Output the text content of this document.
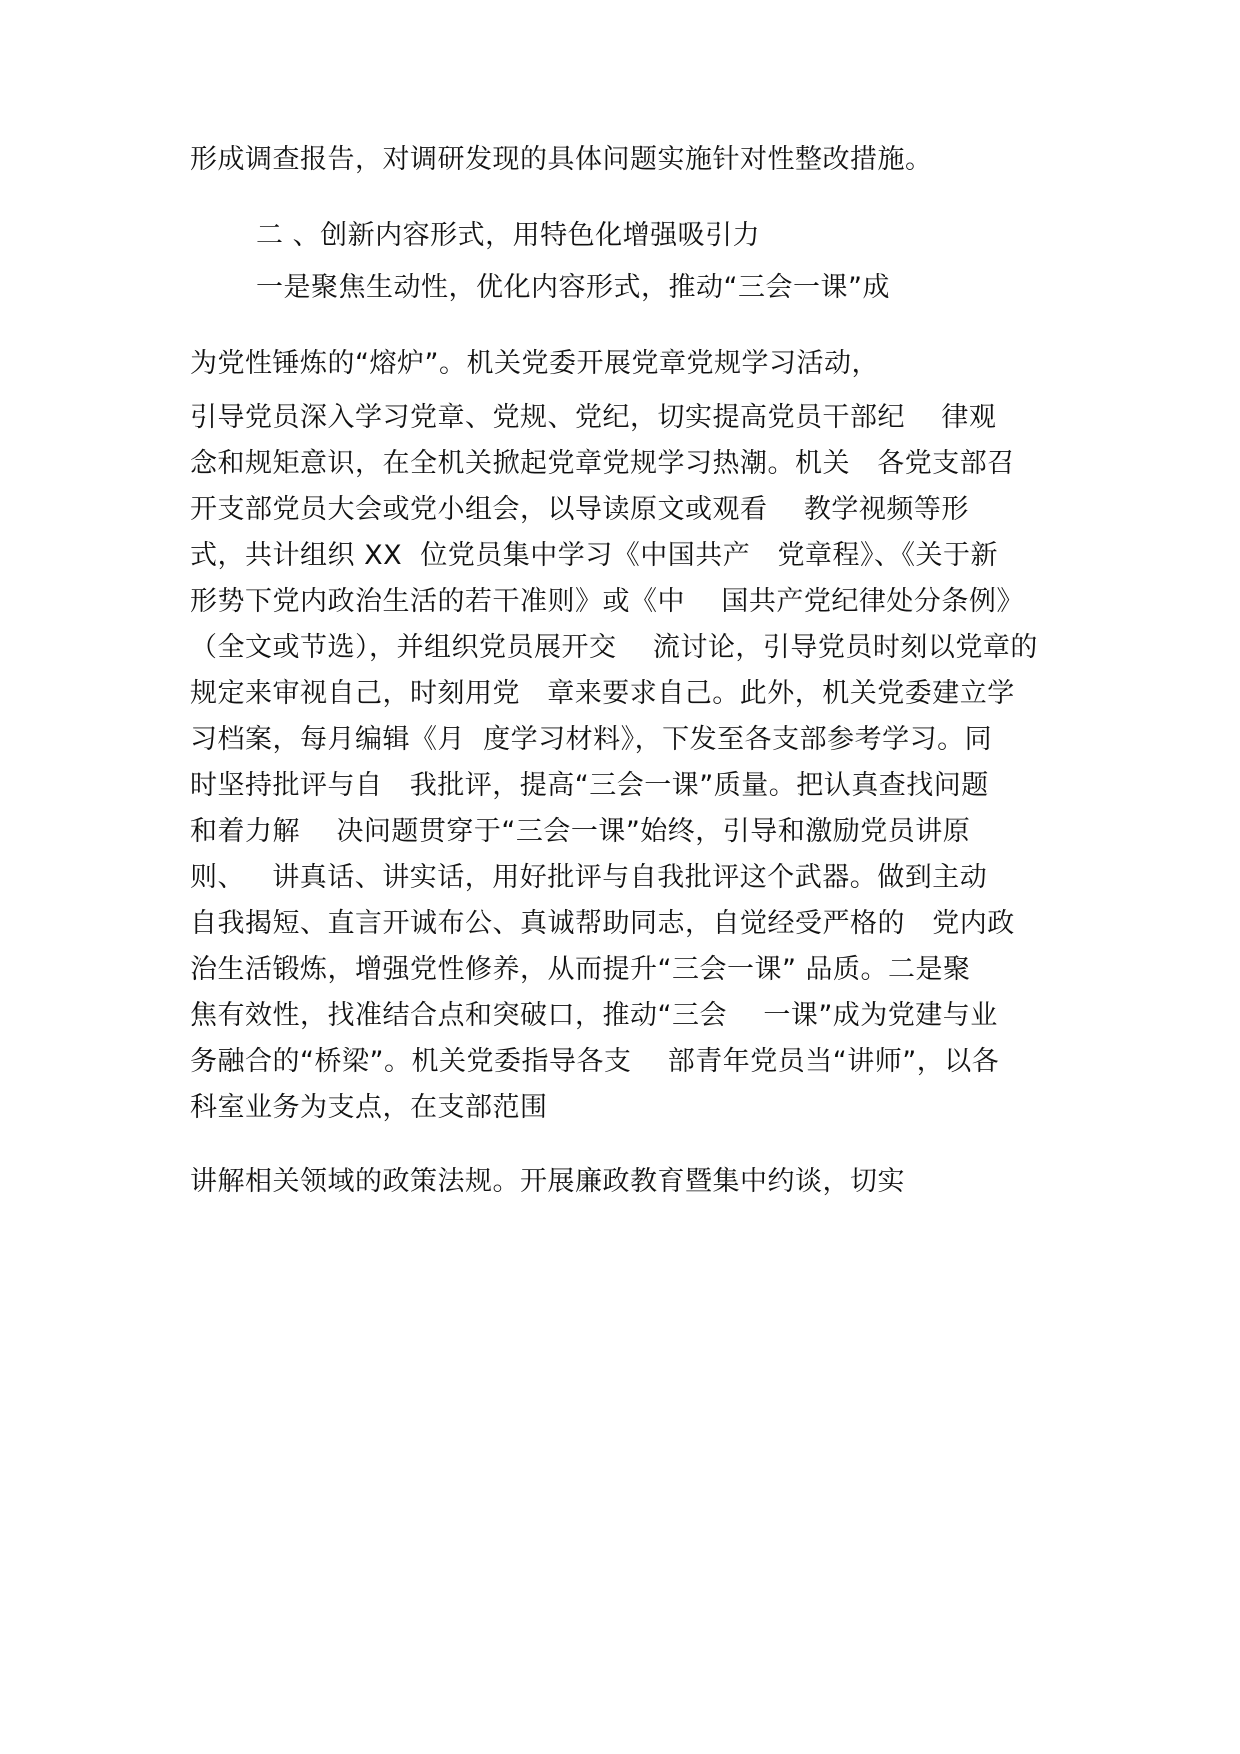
形成调查报告，对调研发现的具体问题实施针对性整改措施。
二 、创新内容形式，用特色化增强吸引力
一是聚焦生动性，优化内容形式，推动“三会一课”成
为党性锤炼的“熔炉”。机关党委开展党章党规学习活动，
引导党员深入学习党章、党规、党纪，切实提高党员干部纪    律观
念和规矩意识，在全机关掀起党章党规学习热潮。机关   各党支部召
开支部党员大会或党小组会，以导读原文或观看    教学视频等形
式，共计组织 XX  位党员集中学习《中国共产   党章程》、《关于新
形势下党内政治生活的若干准则》或《中    国共产党纪律处分条例》
（全文或节选），并组织党员展开交    流讨论，引导党员时刻以党章的
规定来审视自己，时刻用党   章来要求自己。此外，机关党委建立学
习档案，每月编辑《月  度学习材料》，下发至各支部参考学习。同
时坚持批评与自   我批评，提高“三会一课”质量。把认真查找问题
和着力解    决问题贯穿于“三会一课”始终，引导和激励党员讲原
则、   讲真话、讲实话，用好批评与自我批评这个武器。做到主动
自我揭短、直言开诚布公、真诚帮助同志，自觉经受严格的   党内政
治生活锻炼，增强党性修养，从而提升“三会一课” 品质。二是聚
焦有效性，找准结合点和突破口，推动“三会    一课”成为党建与业
务融合的“桥梁”。机关党委指导各支    部青年党员当“讲师”，以各
科室业务为支点，在支部范围
讲解相关领域的政策法规。开展廉政教育暨集中约谈，切实
